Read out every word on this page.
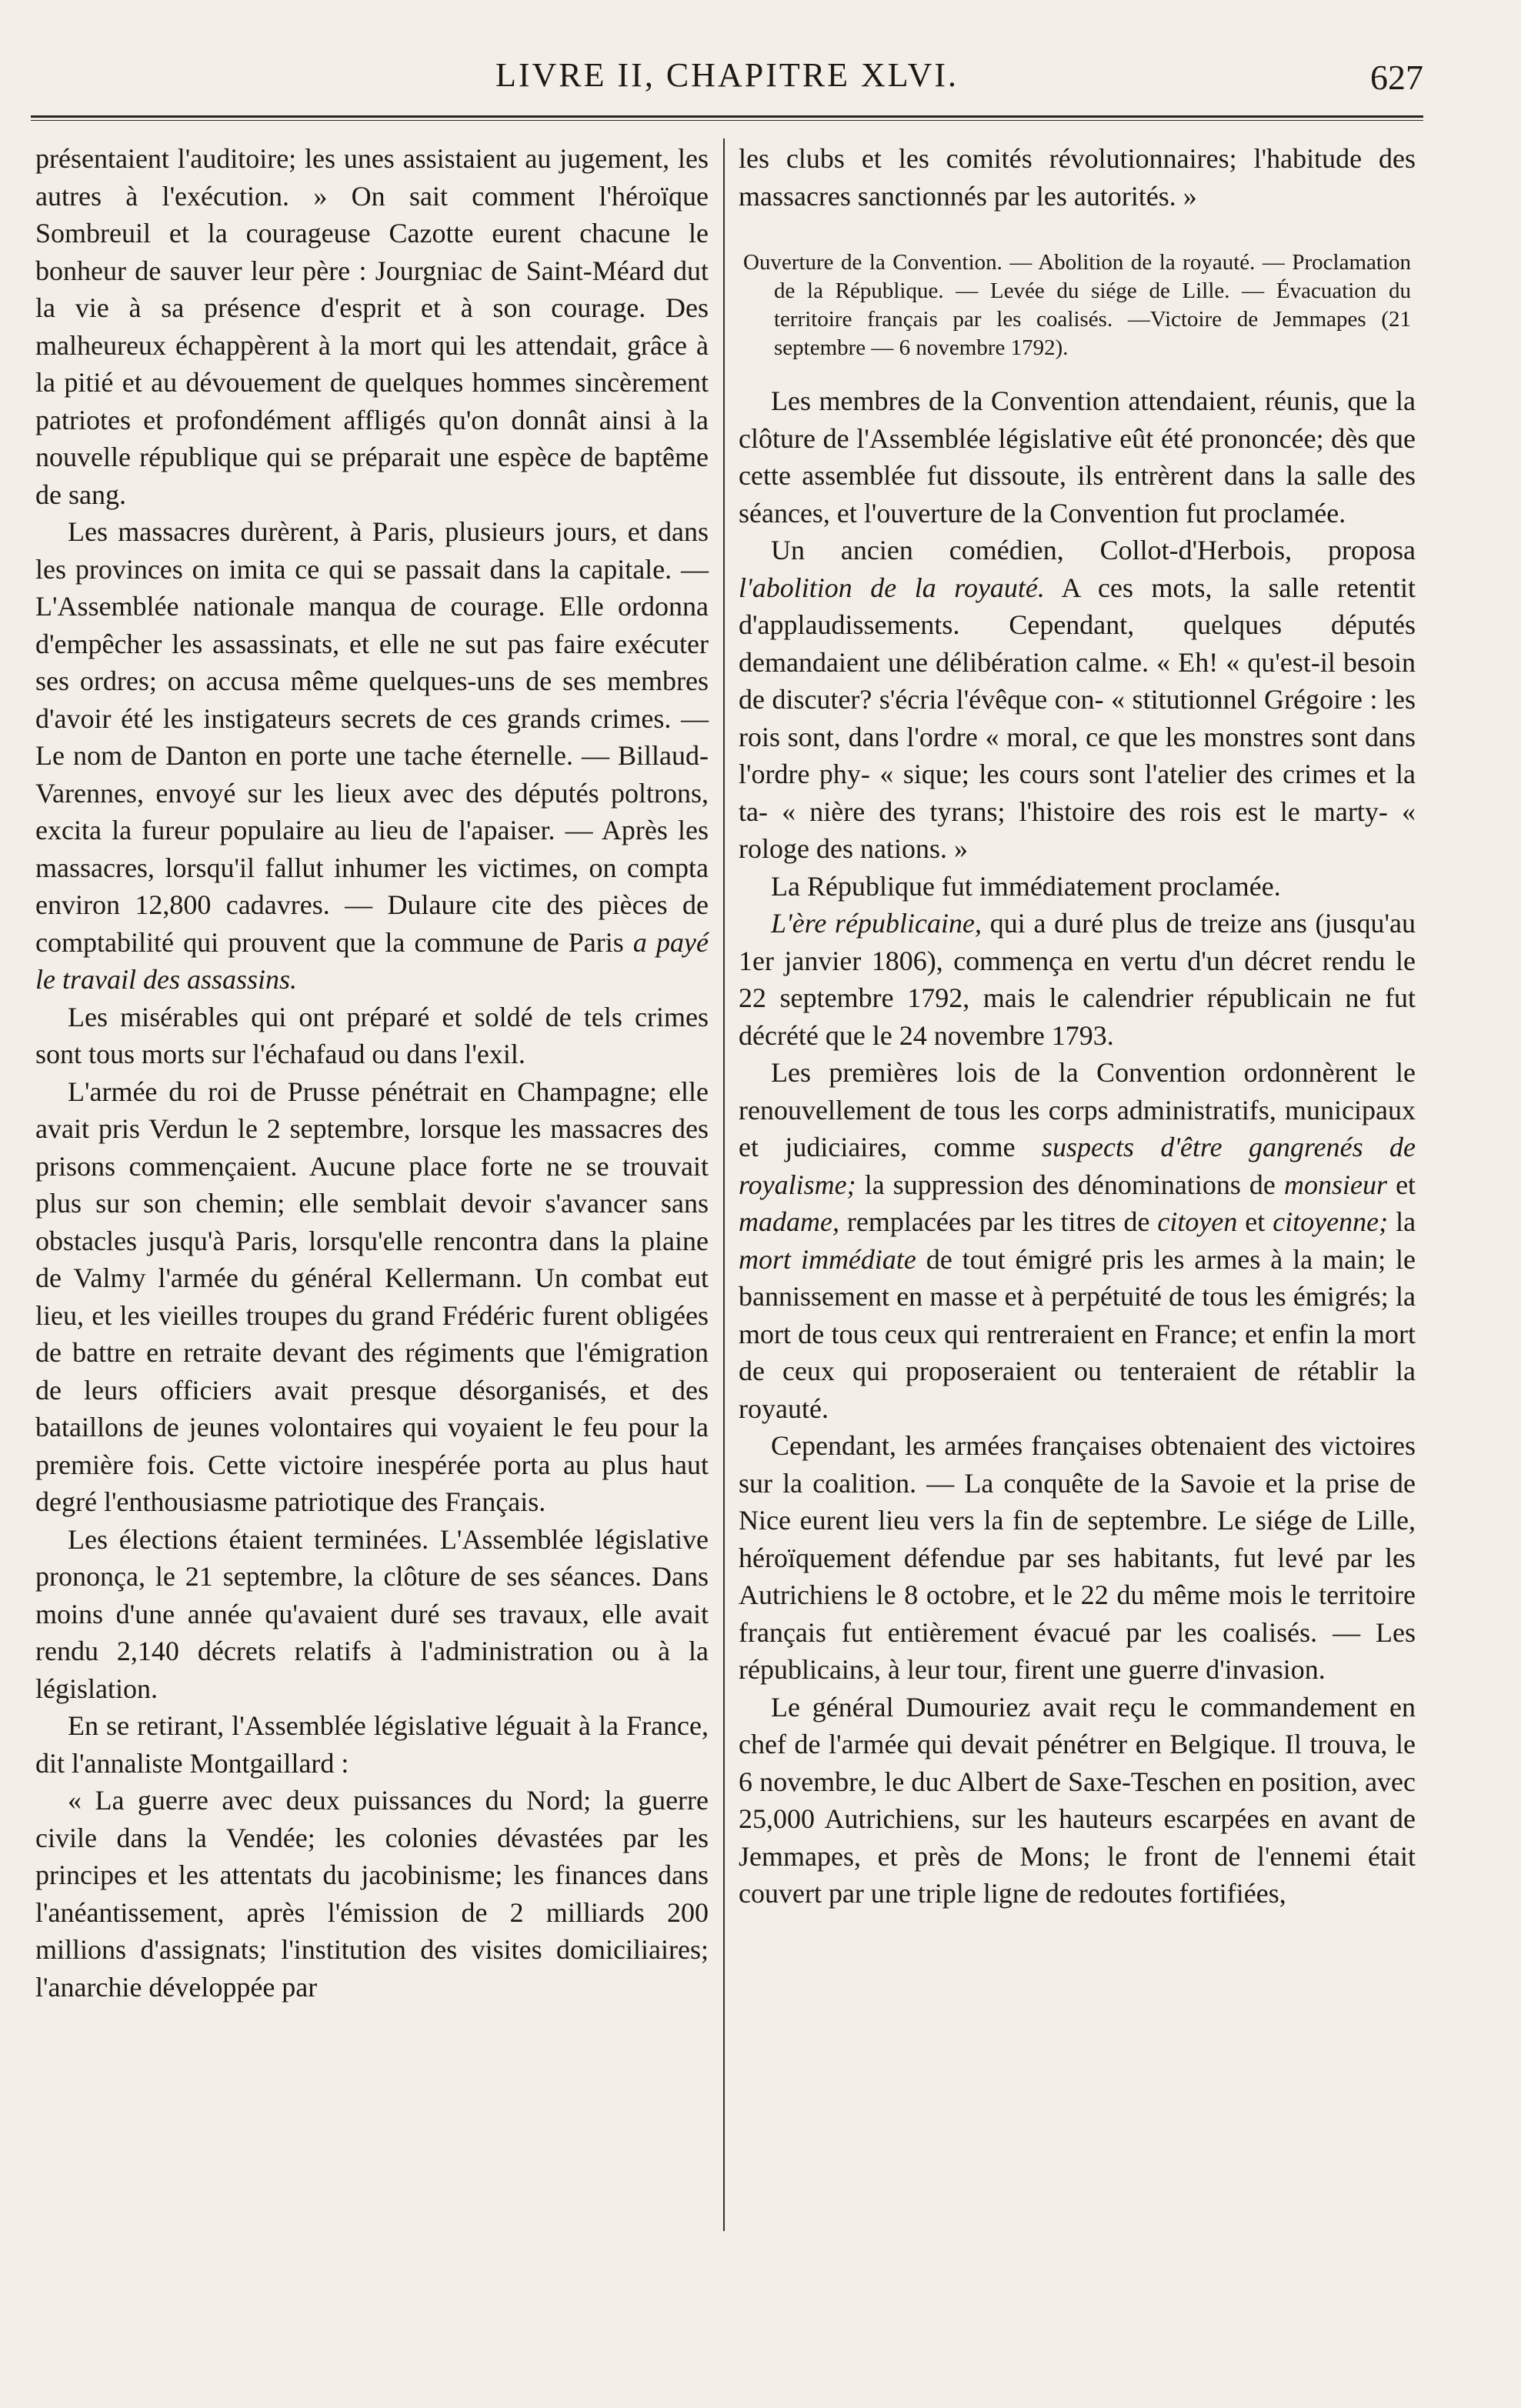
LIVRE II, CHAPITRE XLVI.	627

présentaient l'auditoire; les unes assistaient au jugement, les autres à l'exécution. » On sait comment l'héroïque Sombreuil et la courageuse Cazotte eurent chacune le bonheur de sauver leur père : Jourgniac de Saint-Méard dut la vie à sa présence d'esprit et à son courage. Des malheureux échappèrent à la mort qui les attendait, grâce à la pitié et au dévouement de quelques hommes sincèrement patriotes et profondément affligés qu'on donnât ainsi à la nouvelle république qui se préparait une espèce de baptême de sang.

Les massacres durèrent, à Paris, plusieurs jours, et dans les provinces on imita ce qui se passait dans la capitale. — L'Assemblée nationale manqua de courage. Elle ordonna d'empêcher les assassinats, et elle ne sut pas faire exécuter ses ordres; on accusa même quelques-uns de ses membres d'avoir été les instigateurs secrets de ces grands crimes. — Le nom de Danton en porte une tache éternelle. — Billaud-Varennes, envoyé sur les lieux avec des députés poltrons, excita la fureur populaire au lieu de l'apaiser. — Après les massacres, lorsqu'il fallut inhumer les victimes, on compta environ 12,800 cadavres. — Dulaure cite des pièces de comptabilité qui prouvent que la commune de Paris a payé le travail des assassins.

Les misérables qui ont préparé et soldé de tels crimes sont tous morts sur l'échafaud ou dans l'exil.

L'armée du roi de Prusse pénétrait en Champagne; elle avait pris Verdun le 2 septembre, lorsque les massacres des prisons commençaient. Aucune place forte ne se trouvait plus sur son chemin; elle semblait devoir s'avancer sans obstacles jusqu'à Paris, lorsqu'elle rencontra dans la plaine de Valmy l'armée du général Kellermann. Un combat eut lieu, et les vieilles troupes du grand Frédéric furent obligées de battre en retraite devant des régiments que l'émigration de leurs officiers avait presque désorganisés, et des bataillons de jeunes volontaires qui voyaient le feu pour la première fois. Cette victoire inespérée porta au plus haut degré l'enthousiasme patriotique des Français.

Les élections étaient terminées. L'Assemblée législative prononça, le 21 septembre, la clôture de ses séances. Dans moins d'une année qu'avaient duré ses travaux, elle avait rendu 2,140 décrets relatifs à l'administration ou à la législation.

En se retirant, l'Assemblée législative léguait à la France, dit l'annaliste Montgaillard :

« La guerre avec deux puissances du Nord; la guerre civile dans la Vendée; les colonies dévastées par les principes et les attentats du jacobinisme; les finances dans l'anéantissement, après l'émission de 2 milliards 200 millions d'assignats; l'institution des visites domiciliaires; l'anarchie développée par

les clubs et les comités révolutionnaires; l'habitude des massacres sanctionnés par les autorités. »

Ouverture de la Convention. — Abolition de la royauté. — Proclamation de la République. — Levée du siége de Lille. — Évacuation du territoire français par les coalisés. —Victoire de Jemmapes (21 septembre — 6 novembre 1792).

Les membres de la Convention attendaient, réunis, que la clôture de l'Assemblée législative eût été prononcée; dès que cette assemblée fut dissoute, ils entrèrent dans la salle des séances, et l'ouverture de la Convention fut proclamée.

Un ancien comédien, Collot-d'Herbois, proposa l'abolition de la royauté. A ces mots, la salle retentit d'applaudissements. Cependant, quelques députés demandaient une délibération calme. « Eh! « qu'est-il besoin de discuter? s'écria l'évêque con- « stitutionnel Grégoire : les rois sont, dans l'ordre « moral, ce que les monstres sont dans l'ordre phy- « sique; les cours sont l'atelier des crimes et la ta- « nière des tyrans; l'histoire des rois est le marty- « rologe des nations. »

La République fut immédiatement proclamée.

L'ère républicaine, qui a duré plus de treize ans (jusqu'au 1er janvier 1806), commença en vertu d'un décret rendu le 22 septembre 1792, mais le calendrier républicain ne fut décrété que le 24 novembre 1793.

Les premières lois de la Convention ordonnèrent le renouvellement de tous les corps administratifs, municipaux et judiciaires, comme suspects d'être gangrenés de royalisme; la suppression des dénominations de monsieur et madame, remplacées par les titres de citoyen et citoyenne; la mort immédiate de tout émigré pris les armes à la main; le bannissement en masse et à perpétuité de tous les émigrés; la mort de tous ceux qui rentreraient en France; et enfin la mort de ceux qui proposeraient ou tenteraient de rétablir la royauté.

Cependant, les armées françaises obtenaient des victoires sur la coalition. — La conquête de la Savoie et la prise de Nice eurent lieu vers la fin de septembre. Le siége de Lille, héroïquement défendue par ses habitants, fut levé par les Autrichiens le 8 octobre, et le 22 du même mois le territoire français fut entièrement évacué par les coalisés. — Les républicains, à leur tour, firent une guerre d'invasion.

Le général Dumouriez avait reçu le commandement en chef de l'armée qui devait pénétrer en Belgique. Il trouva, le 6 novembre, le duc Albert de Saxe-Teschen en position, avec 25,000 Autrichiens, sur les hauteurs escarpées en avant de Jemmapes, et près de Mons; le front de l'ennemi était couvert par une triple ligne de redoutes fortifiées,
